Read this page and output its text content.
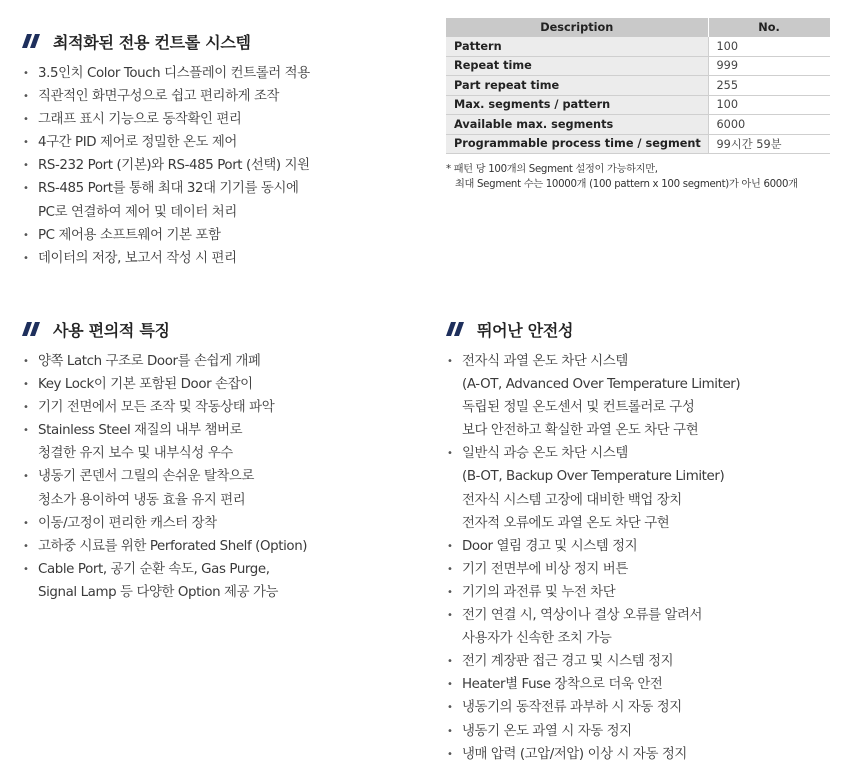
최적화된 전용 컨트롤 시스템
• 3.5인치 Color Touch 디스플레이 컨트롤러 적용
• 직관적인 화면구성으로 쉽고 편리하게 조작
• 그래프 표시 기능으로 동작확인 편리
• 4구간 PID 제어로 정밀한 온도 제어
• RS-232 Port (기본)와 RS-485 Port (선택) 지원
• RS-485 Port를 통해 최대 32대 기기를 동시에
PC로 연결하여 제어 및 데이터 처리
• PC 제어용 소프트웨어 기본 포함
• 데이터의 저장, 보고서 작성 시 편리
사용 편의적 특징
• 양쪽 Latch 구조로 Door를 손쉽게 개폐
• Key Lock이 기본 포함된 Door 손잡이
• 기기 전면에서 모든 조작 및 작동상태 파악
• Stainless Steel 재질의 내부 챔버로
청결한 유지 보수 및 내부식성 우수
• 냉동기 콘덴서 그릴의 손쉬운 탈착으로
청소가 용이하여 냉동 효율 유지 편리
• 이동/고정이 편리한 캐스터 장착
• 고하중 시료를 위한 Perforated Shelf (Option)
• Cable Port, 공기 순환 속도, Gas Purge,
Signal Lamp 등 다양한 Option 제공 가능
뛰어난 안전성
• 전자식 과열 온도 차단 시스템
(A-OT, Advanced Over Temperature Limiter)
독립된 정밀 온도센서 및 컨트롤러로 구성
보다 안전하고 확실한 과열 온도 차단 구현
• 일반식 과승 온도 차단 시스템
(B-OT, Backup Over Temperature Limiter)
전자식 시스템 고장에 대비한 백업 장치
전자적 오류에도 과열 온도 차단 구현
• Door 열림 경고 및 시스템 정지
• 기기 전면부에 비상 정지 버튼
• 기기의 과전류 및 누전 차단
• 전기 연결 시, 역상이나 결상 오류를 알려서
사용자가 신속한 조치 가능
• 전기 계장판 접근 경고 및 시스템 정지
• Heater별 Fuse 장착으로 더욱 안전
• 냉동기의 동작전류 과부하 시 자동 정지
• 냉동기 온도 과열 시 자동 정지
• 냉매 압력 (고압/저압) 이상 시 자동 정지
Description	No.
Pattern	100
Repeat time	999
Part repeat time	255
Max. segments / pattern	100
Available max. segments	6000
Programmable process time / segment	99시간 59분
* 패턴 당 100개의 Segment 설정이 가능하지만,
최대 Segment 수는 10000개 (100 pattern x 100 segment)가 아닌 6000개
